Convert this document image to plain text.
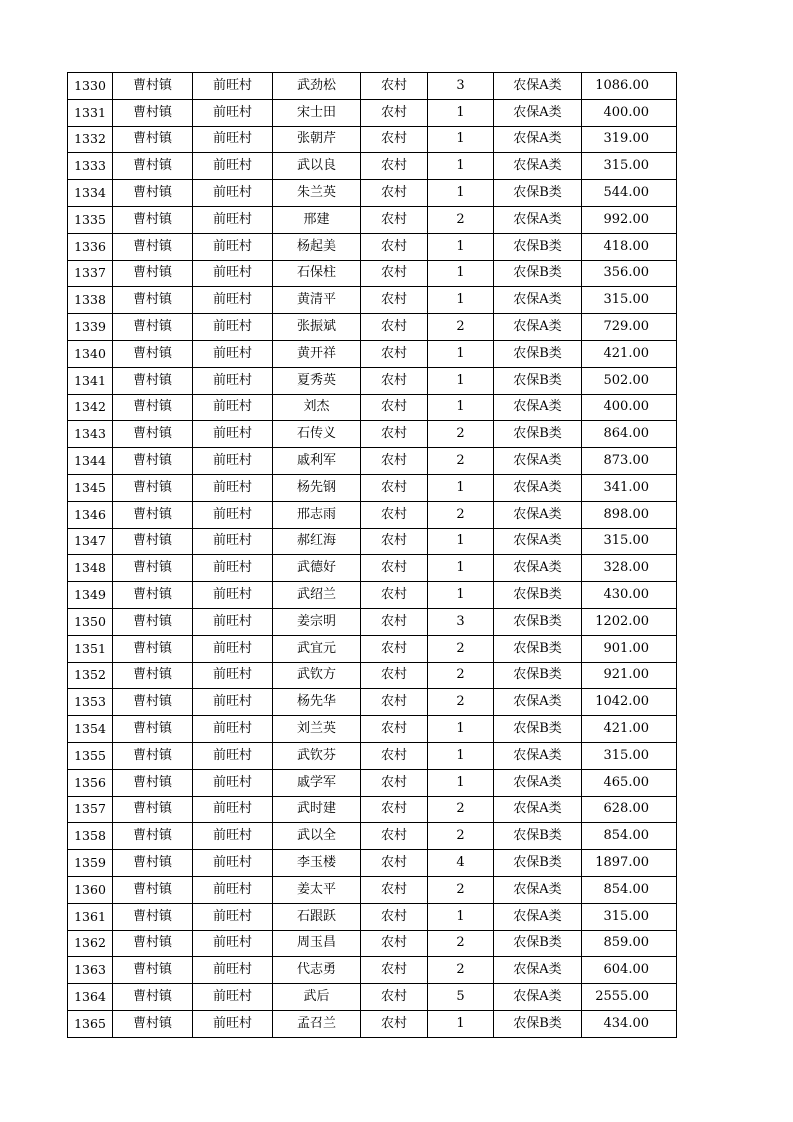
1330	曹村镇	前旺村	武劲松	农村	3	农保A类	1086.00
1331	曹村镇	前旺村	宋士田	农村	1	农保A类	400.00
1332	曹村镇	前旺村	张朝芹	农村	1	农保A类	319.00
1333	曹村镇	前旺村	武以良	农村	1	农保A类	315.00
1334	曹村镇	前旺村	朱兰英	农村	1	农保B类	544.00
1335	曹村镇	前旺村	邢建	农村	2	农保A类	992.00
1336	曹村镇	前旺村	杨起美	农村	1	农保B类	418.00
1337	曹村镇	前旺村	石保柱	农村	1	农保B类	356.00
1338	曹村镇	前旺村	黄清平	农村	1	农保A类	315.00
1339	曹村镇	前旺村	张振斌	农村	2	农保A类	729.00
1340	曹村镇	前旺村	黄开祥	农村	1	农保B类	421.00
1341	曹村镇	前旺村	夏秀英	农村	1	农保B类	502.00
1342	曹村镇	前旺村	刘杰	农村	1	农保A类	400.00
1343	曹村镇	前旺村	石传义	农村	2	农保B类	864.00
1344	曹村镇	前旺村	戚利军	农村	2	农保A类	873.00
1345	曹村镇	前旺村	杨先钢	农村	1	农保A类	341.00
1346	曹村镇	前旺村	邢志雨	农村	2	农保A类	898.00
1347	曹村镇	前旺村	郝红海	农村	1	农保A类	315.00
1348	曹村镇	前旺村	武德好	农村	1	农保A类	328.00
1349	曹村镇	前旺村	武绍兰	农村	1	农保B类	430.00
1350	曹村镇	前旺村	姜宗明	农村	3	农保B类	1202.00
1351	曹村镇	前旺村	武宜元	农村	2	农保B类	901.00
1352	曹村镇	前旺村	武钦方	农村	2	农保B类	921.00
1353	曹村镇	前旺村	杨先华	农村	2	农保A类	1042.00
1354	曹村镇	前旺村	刘兰英	农村	1	农保B类	421.00
1355	曹村镇	前旺村	武钦芬	农村	1	农保A类	315.00
1356	曹村镇	前旺村	戚学军	农村	1	农保A类	465.00
1357	曹村镇	前旺村	武时建	农村	2	农保A类	628.00
1358	曹村镇	前旺村	武以全	农村	2	农保B类	854.00
1359	曹村镇	前旺村	李玉楼	农村	4	农保B类	1897.00
1360	曹村镇	前旺村	姜太平	农村	2	农保A类	854.00
1361	曹村镇	前旺村	石跟跃	农村	1	农保A类	315.00
1362	曹村镇	前旺村	周玉昌	农村	2	农保B类	859.00
1363	曹村镇	前旺村	代志勇	农村	2	农保A类	604.00
1364	曹村镇	前旺村	武后	农村	5	农保A类	2555.00
1365	曹村镇	前旺村	孟召兰	农村	1	农保B类	434.00
